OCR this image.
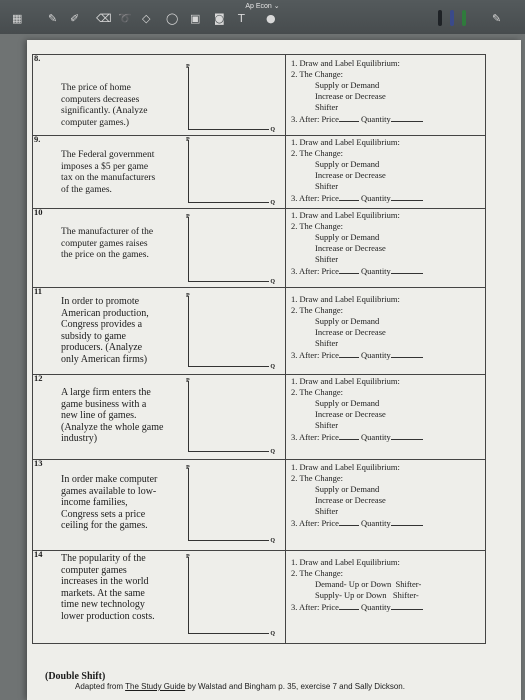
Ap Econ ⌄
▦ ✎ ✐ ⌫ ➰ ◇ ◯ ▣ ◙ T ●	✎
8.
The price of home
computers decreases
significantly. (Analyze
computer games.)
P
Q
1. Draw and Label Equilibrium:
2. The Change:
Supply or Demand
Increase or Decrease
Shifter
3. After: Price	Quantity
9.
The Federal government
imposes a $5 per game
tax on the manufacturers
of the games.
P
Q
1. Draw and Label Equilibrium:
2. The Change:
Supply or Demand
Increase or Decrease
Shifter
3. After: Price	Quantity
10
The manufacturer of the
computer games raises
the price on the games.
P
Q
1. Draw and Label Equilibrium:
2. The Change:
Supply or Demand
Increase or Decrease
Shifter
3. After: Price	Quantity
11
In order to promote
American production,
Congress provides a
subsidy to game
producers. (Analyze
only American firms)
P
Q
1. Draw and Label Equilibrium:
2. The Change:
Supply or Demand
Increase or Decrease
Shifter
3. After: Price	Quantity
12
A large firm enters the
game business with a
new line of games.
(Analyze the whole game
industry)
P
Q
1. Draw and Label Equilibrium:
2. The Change:
Supply or Demand
Increase or Decrease
Shifter
3. After: Price	Quantity
13
In order make computer
games available to low-
income families,
Congress sets a price
ceiling for the games.
P
Q
1. Draw and Label Equilibrium:
2. The Change:
Supply or Demand
Increase or Decrease
Shifter
3. After: Price	Quantity
14 The popularity of the
computer games
increases in the world
markets. At the same
time new technology
lower production costs.
P
Q
1. Draw and Label Equilibrium:
2. The Change:
Demand- Up or Down Shifter-
Supply- Up or Down Shifter-
3. After: Price	Quantity
(Double Shift)
Adapted from The Study Guide by Walstad and Bingham p. 35, exercise 7 and Sally Dickson.
